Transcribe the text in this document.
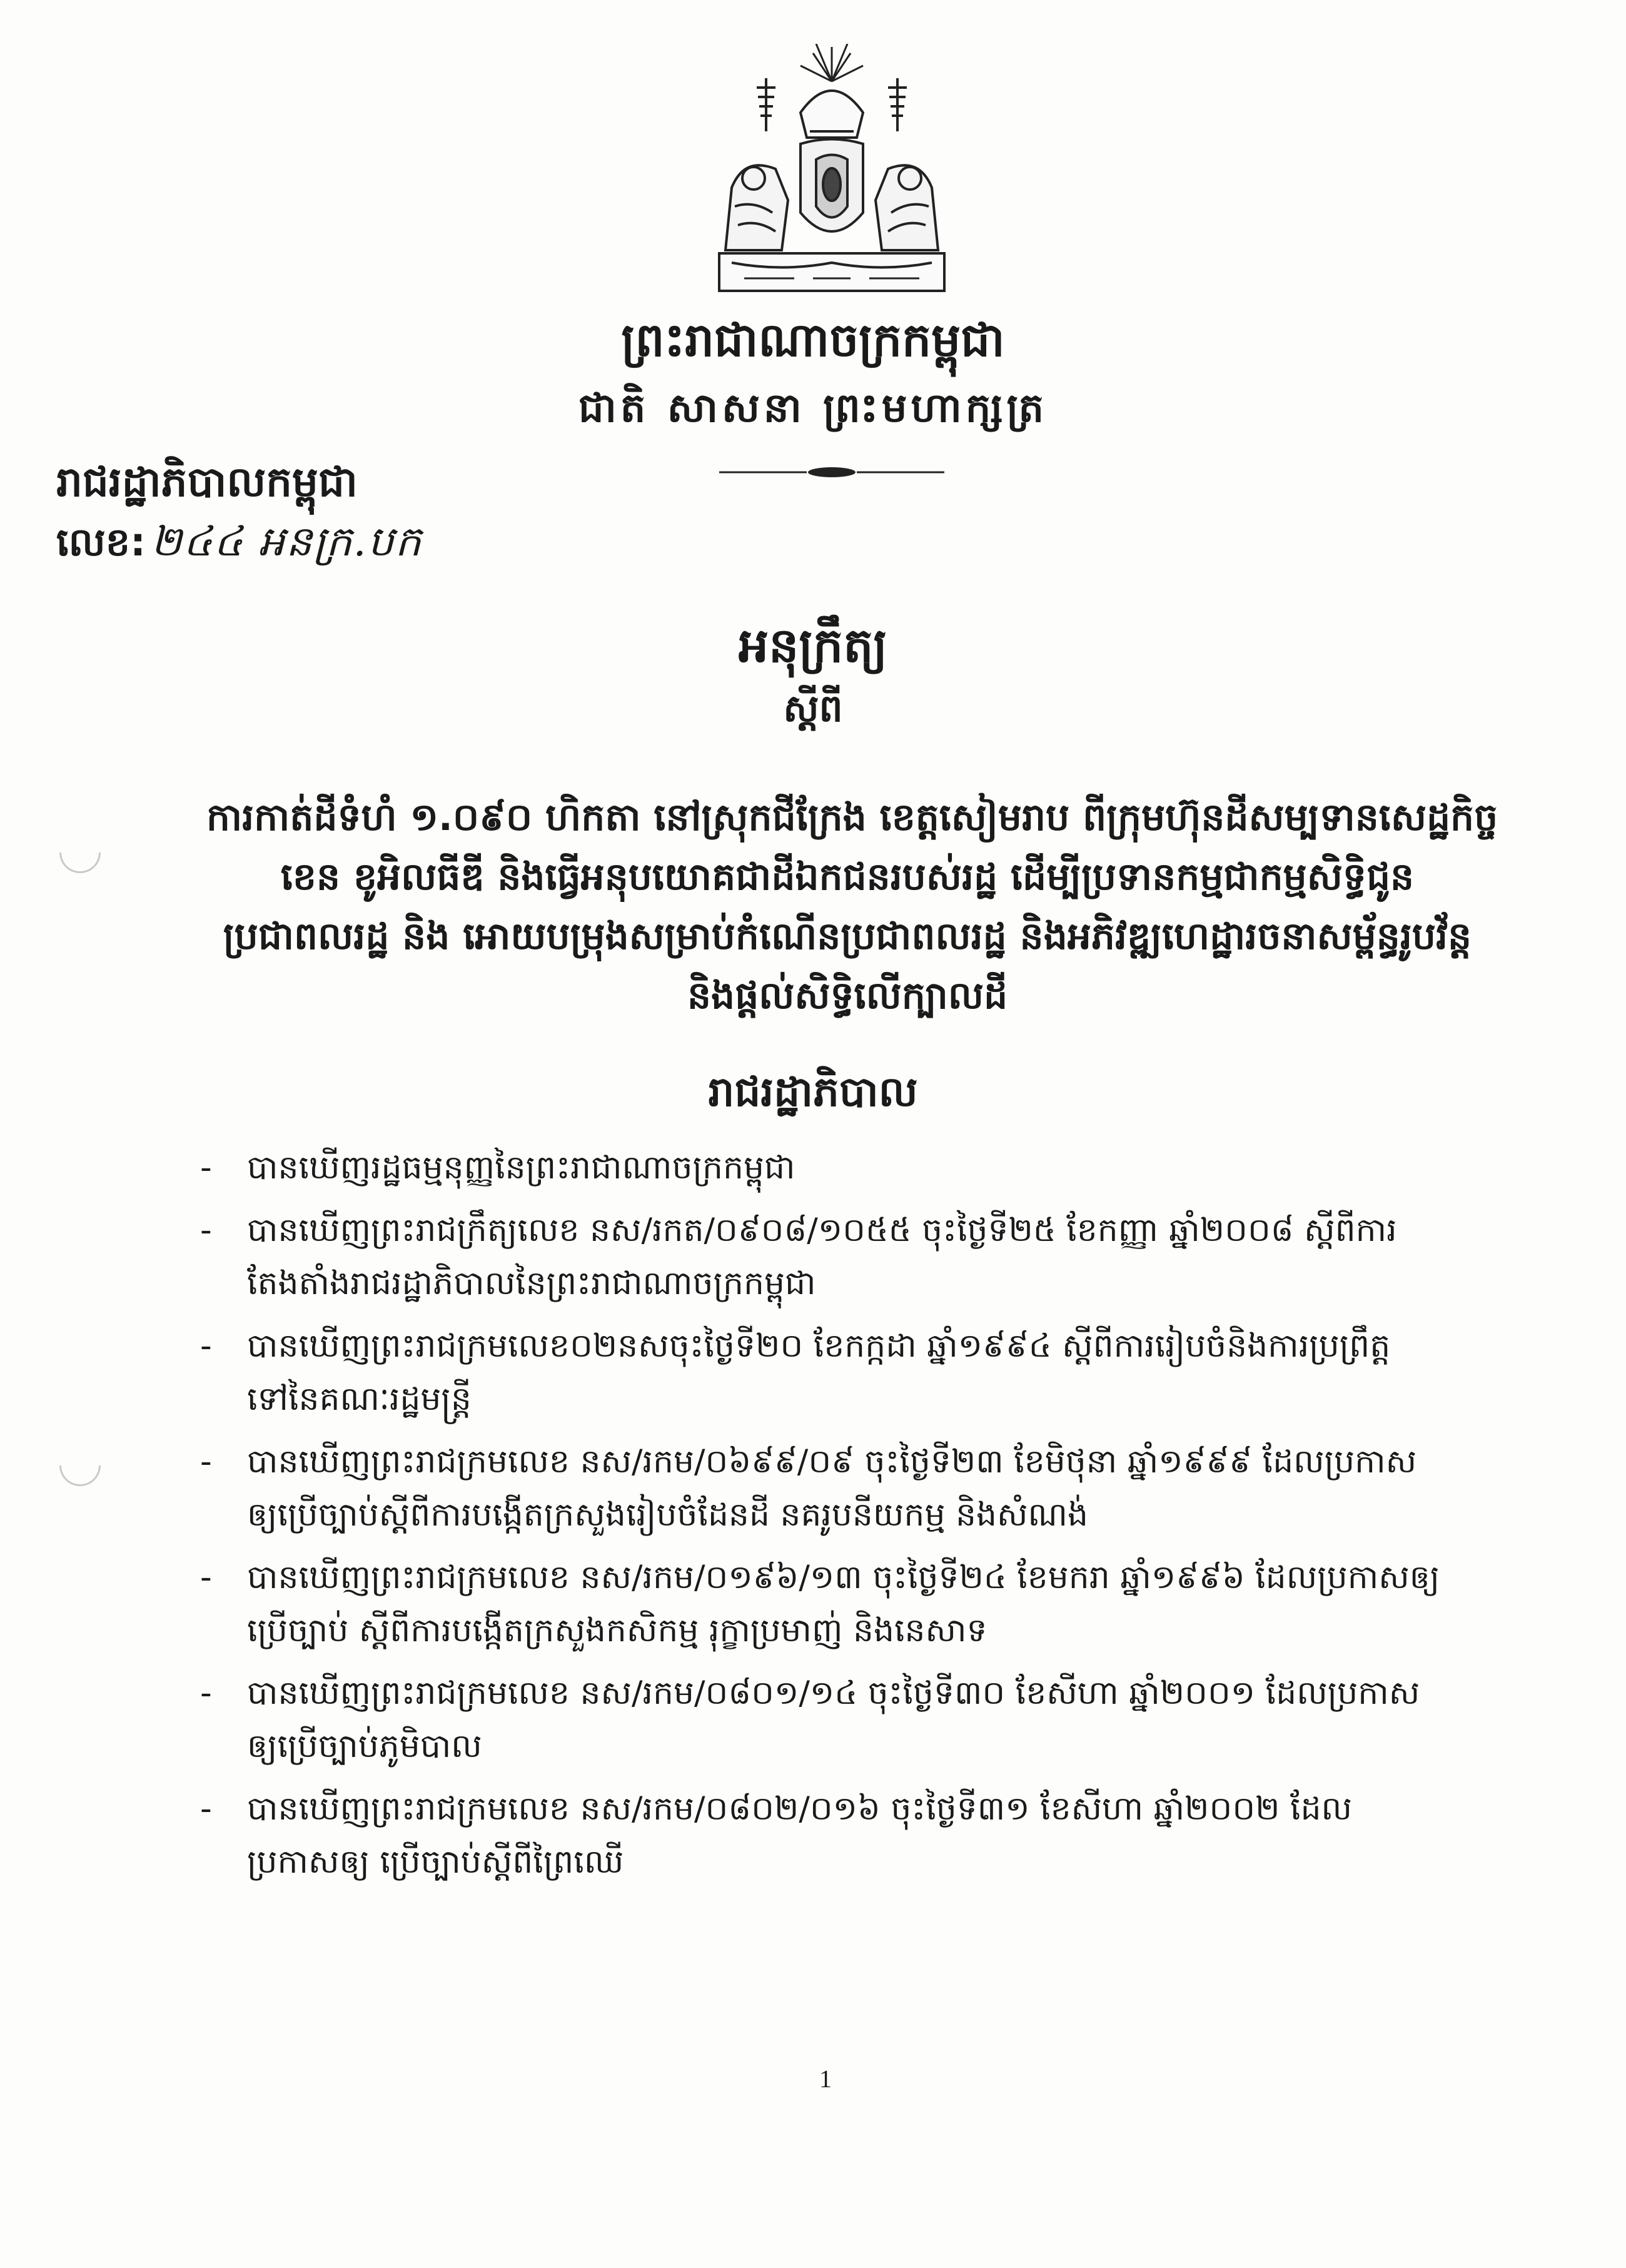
ព្រះរាជាណាចក្រកម្ពុជា
ជាតិ សាសនា ព្រះមហាក្សត្រ
រាជរដ្ឋាភិបាលកម្ពុជា
លេខ: ២៤៤ អនក្រ.បក
អនុក្រឹត្យ
ស្តីពី
ការកាត់ដីទំហំ ១.០៩០ ហិកតា នៅស្រុកជីក្រែង ខេត្តសៀមរាប ពីក្រុមហ៊ុនដីសម្បទានសេដ្ឋកិច្ច
ខេន ខូអិលធីឌី និងធ្វើអនុបយោគជាដីឯកជនរបស់រដ្ឋ ដើម្បីប្រទានកម្មជាកម្មសិទ្ធិជូន
ប្រជាពលរដ្ឋ និង អោយបម្រុងសម្រាប់កំណើនប្រជាពលរដ្ឋ និងអភិវឌ្ឍហេដ្ឋារចនាសម្ព័ន្ធរូបវ័ន្ត
និងផ្តល់សិទ្ធិលើក្បាលដី
រាជរដ្ឋាភិបាល
- បានឃើញរដ្ឋធម្មនុញ្ញនៃព្រះរាជាណាចក្រកម្ពុជា
- បានឃើញព្រះរាជក្រឹត្យលេខ នស/រកត/០៩០៨/១០៥៥ ចុះថ្ងៃទី២៥ ខែកញ្ញា ឆ្នាំ២០០៨ ស្តីពីការ
តែងតាំងរាជរដ្ឋាភិបាលនៃព្រះរាជាណាចក្រកម្ពុជា
- បានឃើញព្រះរាជក្រមលេខ០២នសចុះថ្ងៃទី២០ ខែកក្កដា ឆ្នាំ១៩៩៤ ស្តីពីការរៀបចំនិងការប្រព្រឹត្ត
ទៅនៃគណៈរដ្ឋមន្ត្រី
- បានឃើញព្រះរាជក្រមលេខ នស/រកម/០៦៩៩/០៩ ចុះថ្ងៃទី២៣ ខែមិថុនា ឆ្នាំ១៩៩៩ ដែលប្រកាស
ឲ្យប្រើច្បាប់ស្តីពីការបង្កើតក្រសួងរៀបចំដែនដី នគរូបនីយកម្ម និងសំណង់
- បានឃើញព្រះរាជក្រមលេខ នស/រកម/០១៩៦/១៣ ចុះថ្ងៃទី២៤ ខែមករា ឆ្នាំ១៩៩៦ ដែលប្រកាសឲ្យ
ប្រើច្បាប់ ស្តីពីការបង្កើតក្រសួងកសិកម្ម រុក្ខាប្រមាញ់ និងនេសាទ
- បានឃើញព្រះរាជក្រមលេខ នស/រកម/០៨០១/១៤ ចុះថ្ងៃទី៣០ ខែសីហា ឆ្នាំ២០០១ ដែលប្រកាស
ឲ្យប្រើច្បាប់ភូមិបាល
- បានឃើញព្រះរាជក្រមលេខ នស/រកម/០៨០២/០១៦ ចុះថ្ងៃទី៣១ ខែសីហា ឆ្នាំ២០០២ ដែល
ប្រកាសឲ្យ ប្រើច្បាប់ស្តីពីព្រៃឈើ
1
